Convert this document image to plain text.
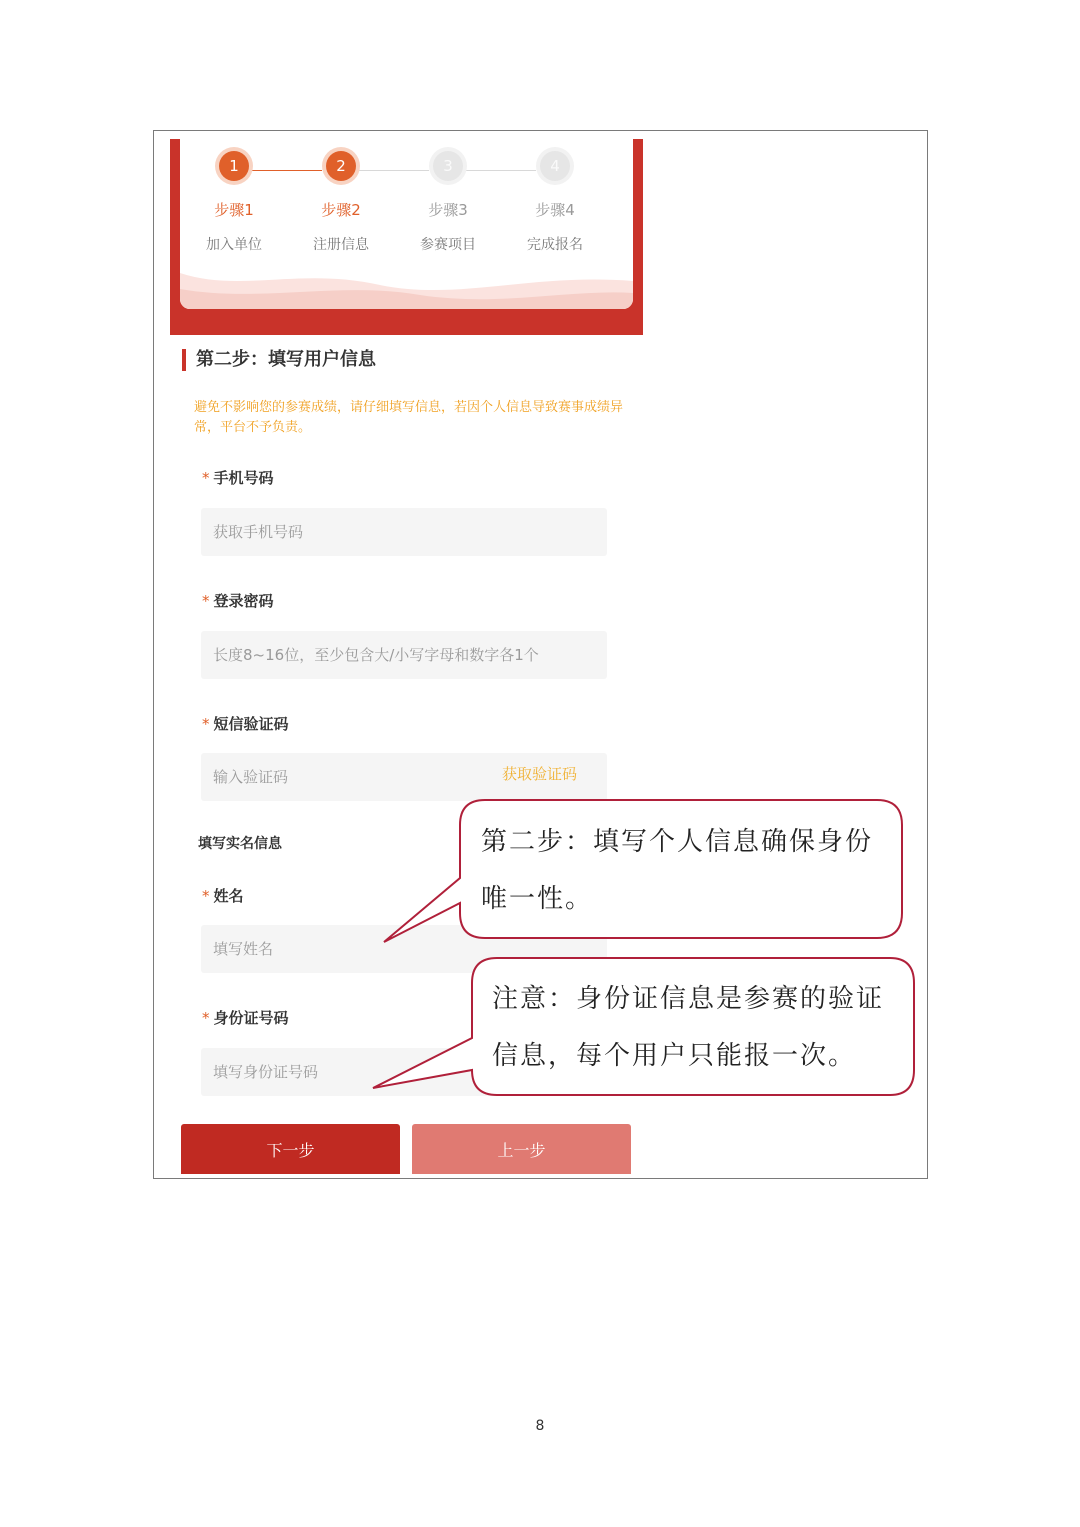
1
步骤1
加入单位
2
步骤2
注册信息
3
步骤3
参赛项目
4
步骤4
完成报名
第二步：填写用户信息
避免不影响您的参赛成绩，请仔细填写信息，若因个人信息导致赛事成绩异常，平台不予负责。
* 手机号码
获取手机号码
* 登录密码
长度8~16位，至少包含大/小写字母和数字各1个
* 短信验证码
输入验证码
获取验证码
填写实名信息
* 姓名
填写姓名
* 身份证号码
填写身份证号码
下一步	上一步
第二步：填写个人信息确保身份
唯一性。
注意：身份证信息是参赛的验证
信息，每个用户只能报一次。
8
